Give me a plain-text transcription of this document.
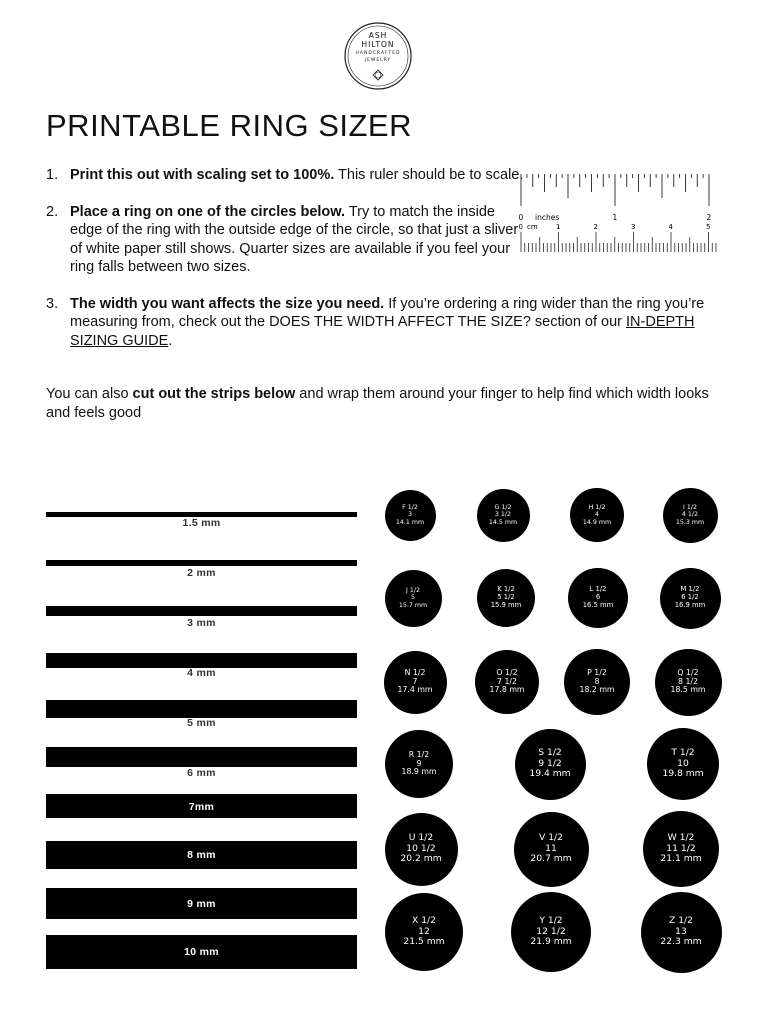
ASH
HILTON
HANDCRAFTED
JEWELRY
PRINTABLE RING SIZER
1. Print this out with scaling set to 100%. This ruler should be to scale.
2. Place a ring on one of the circles below. Try to match the inside edge of the ring with the outside edge of the circle, so that just a sliver of white paper still shows. Quarter sizes are available if you feel your ring falls between two sizes.
3. The width you want affects the size you need. If you’re ordering a ring wider than the ring you’re measuring from, check out the DOES THE WIDTH AFFECT THE SIZE? section of our IN-DEPTH SIZING GUIDE.

You can also cut out the strips below and wrap them around your finger to help find which width looks and feels good

inches
cm
0	1	2
0	1	2	3	4	5
1.5 mm
2 mm
3 mm
4 mm
5 mm
6 mm
7mm
8 mm
9 mm
10 mm
F 1/2
3
14.1 mm
G 1/2
3 1/2
14.5 mm
H 1/2
4
14.9 mm
I 1/2
4 1/2
15.3 mm
J 1/2
5
15.7 mm
K 1/2
5 1/2
15.9 mm
L 1/2
6
16.5 mm
M 1/2
6 1/2
16.9 mm
N 1/2
7
17.4 mm
O 1/2
7 1/2
17.8 mm
P 1/2
8
18.2 mm
Q 1/2
8 1/2
18.5 mm
R 1/2
9
18.9 mm
S 1/2
9 1/2
19.4 mm
T 1/2
10
19.8 mm
U 1/2
10 1/2
20.2 mm
V 1/2
11
20.7 mm
W 1/2
11 1/2
21.1 mm
X 1/2
12
21.5 mm
Y 1/2
12 1/2
21.9 mm
Z 1/2
13
22.3 mm
